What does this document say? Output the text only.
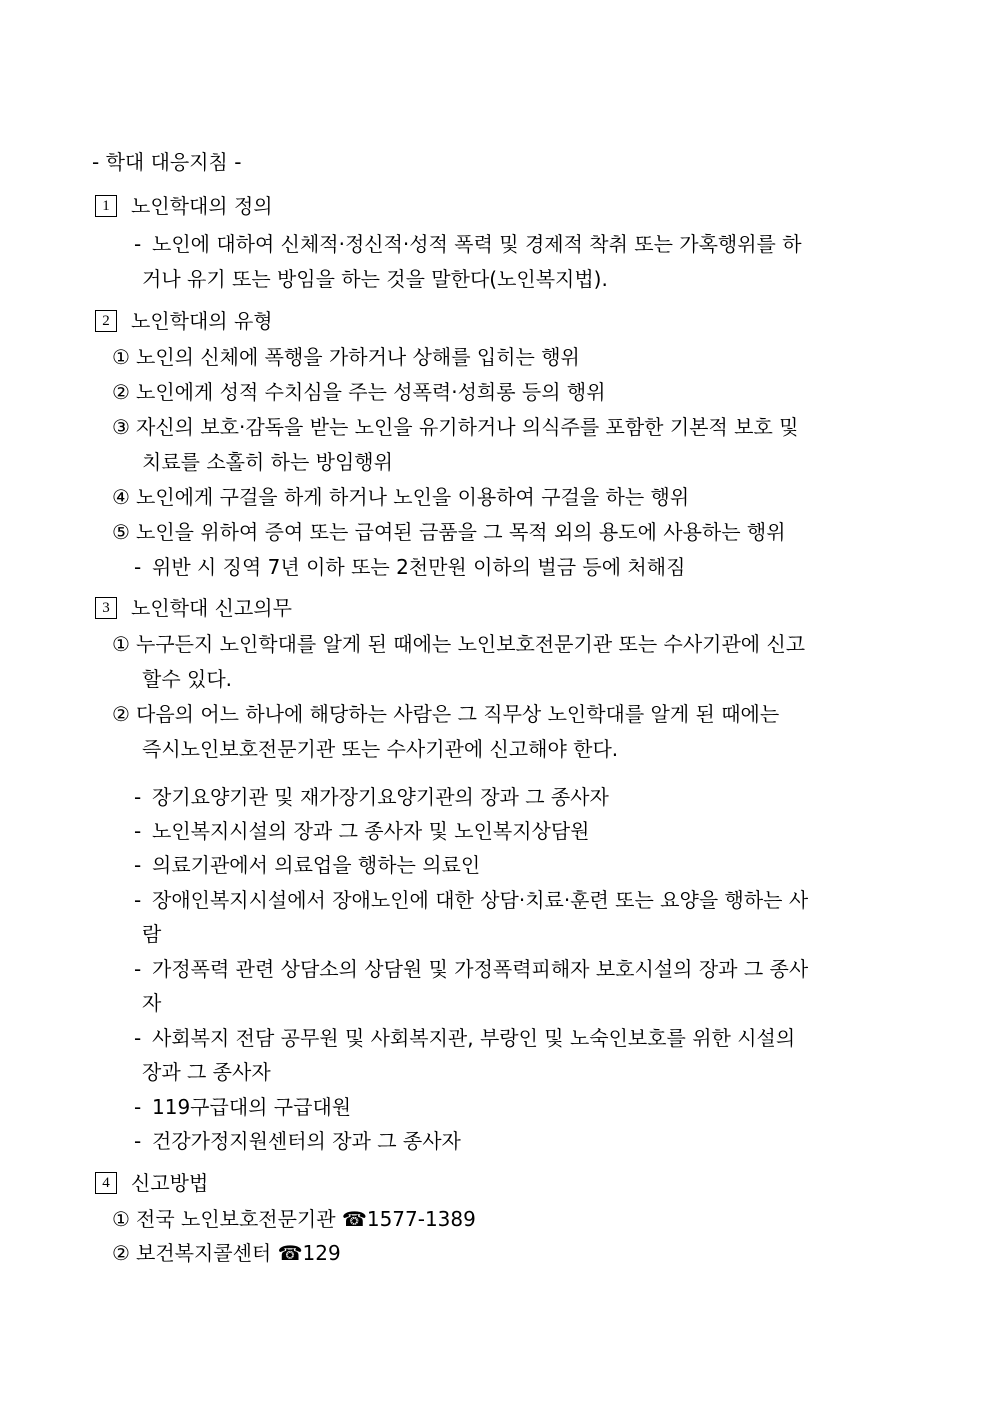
- 학대 대응지침 -
1 노인학대의 정의
- 노인에 대하여 신체적·정신적·성적 폭력 및 경제적 착취 또는 가혹행위를 하
거나 유기 또는 방임을 하는 것을 말한다(노인복지법).
2 노인학대의 유형
① 노인의 신체에 폭행을 가하거나 상해를 입히는 행위
② 노인에게 성적 수치심을 주는 성폭력·성희롱 등의 행위
③ 자신의 보호·감독을 받는 노인을 유기하거나 의식주를 포함한 기본적 보호 및
치료를 소홀히 하는 방임행위
④ 노인에게 구걸을 하게 하거나 노인을 이용하여 구걸을 하는 행위
⑤ 노인을 위하여 증여 또는 급여된 금품을 그 목적 외의 용도에 사용하는 행위
- 위반 시 징역 7년 이하 또는 2천만원 이하의 벌금 등에 처해짐
3 노인학대 신고의무
① 누구든지 노인학대를 알게 된 때에는 노인보호전문기관 또는 수사기관에 신고
할수 있다.
② 다음의 어느 하나에 해당하는 사람은 그 직무상 노인학대를 알게 된 때에는
즉시노인보호전문기관 또는 수사기관에 신고해야 한다.
- 장기요양기관 및 재가장기요양기관의 장과 그 종사자
- 노인복지시설의 장과 그 종사자 및 노인복지상담원
- 의료기관에서 의료업을 행하는 의료인
- 장애인복지시설에서 장애노인에 대한 상담·치료·훈련 또는 요양을 행하는 사
람
- 가정폭력 관련 상담소의 상담원 및 가정폭력피해자 보호시설의 장과 그 종사
자
- 사회복지 전담 공무원 및 사회복지관, 부랑인 및 노숙인보호를 위한 시설의
장과 그 종사자
- 119구급대의 구급대원
- 건강가정지원센터의 장과 그 종사자
4 신고방법
① 전국 노인보호전문기관 ☎1577-1389
② 보건복지콜센터 ☎129
